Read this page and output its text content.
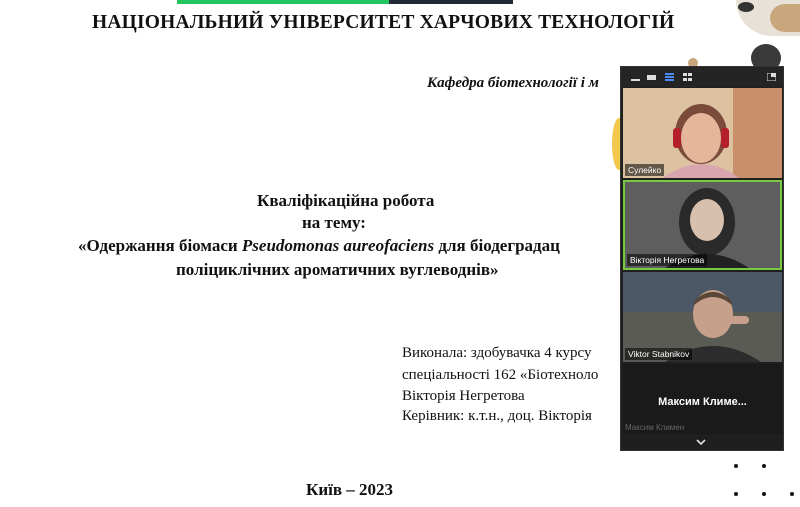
НАЦІОНАЛЬНИЙ УНІВЕРСИТЕТ ХАРЧОВИХ ТЕХНОЛОГІЙ
Кафедра біотехнології і м
Кваліфікаційна робота
на тему:
«Одержання біомаси Pseudomonas aureofaciens для біодеградац
поліциклічних ароматичних вуглеводнів»
Виконала: здобувачка 4 курсу
спеціальності 162 «Біотехноло
Вікторія Негретова
Керівник: к.т.н., доц. Вікторія
Київ – 2023
Сулейко
Вікторія Негретова
Viktor Stabnikov
Максим Климе...
Максим Климен
